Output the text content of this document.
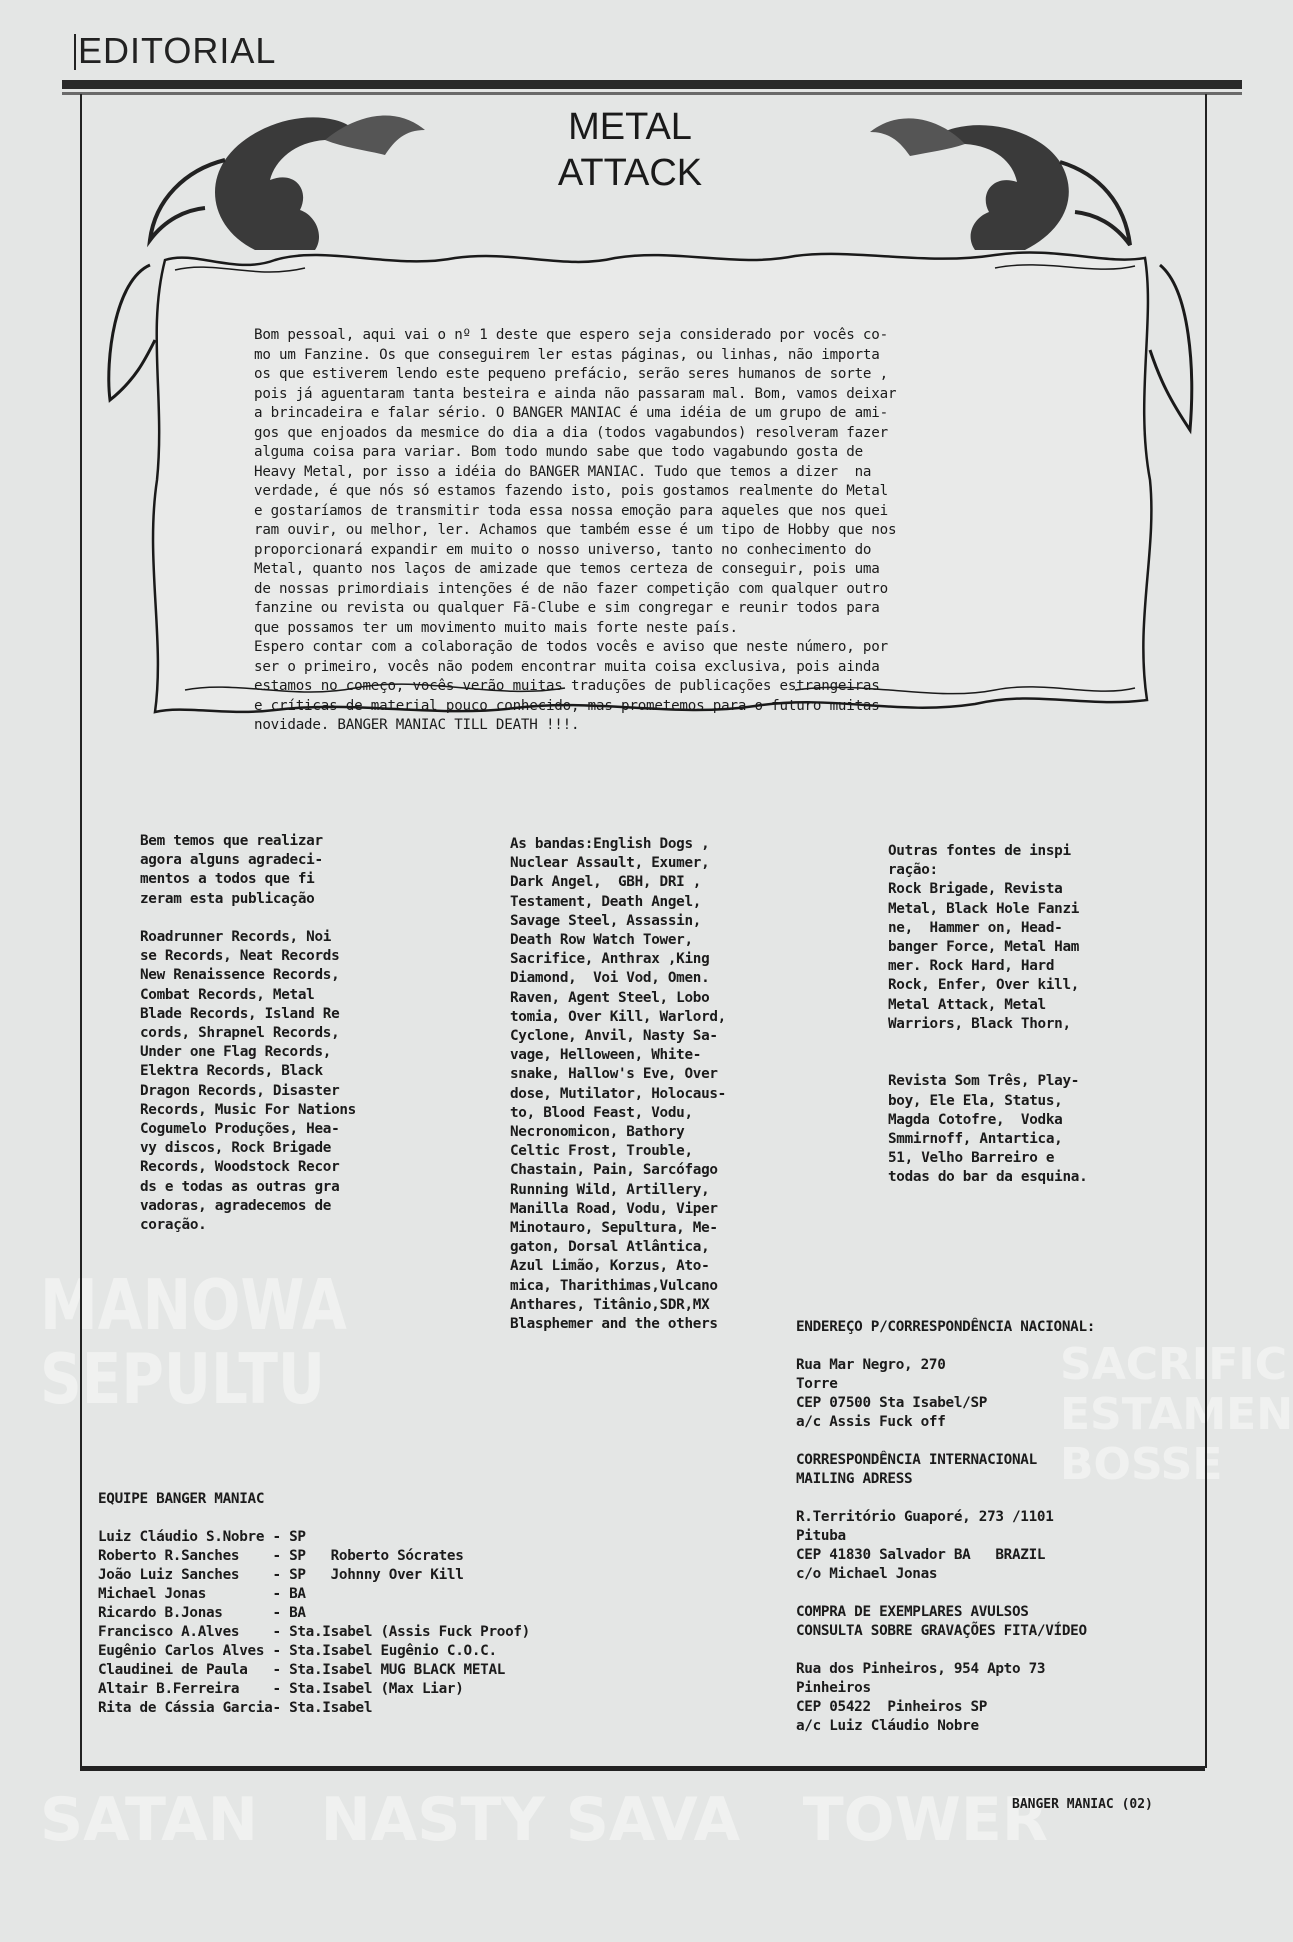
MANOWA
SEPULTU	SACRIFIC
ESTAMEN
BOSSE
SATAN   NASTY SAVA   TOWER
EDITORIAL
METAL
ATTACK
Bom pessoal, aqui vai o nº 1 deste que espero seja considerado por vocês co-
mo um Fanzine. Os que conseguirem ler estas páginas, ou linhas, não importa
os que estiverem lendo este pequeno prefácio, serão seres humanos de sorte ,
pois já aguentaram tanta besteira e ainda não passaram mal. Bom, vamos deixar
a brincadeira e falar sério. O BANGER MANIAC é uma idéia de um grupo de ami-
gos que enjoados da mesmice do dia a dia (todos vagabundos) resolveram fazer
alguma coisa para variar. Bom todo mundo sabe que todo vagabundo gosta de
Heavy Metal, por isso a idéia do BANGER MANIAC. Tudo que temos a dizer  na
verdade, é que nós só estamos fazendo isto, pois gostamos realmente do Metal
e gostaríamos de transmitir toda essa nossa emoção para aqueles que nos quei
ram ouvir, ou melhor, ler. Achamos que também esse é um tipo de Hobby que nos
proporcionará expandir em muito o nosso universo, tanto no conhecimento do
Metal, quanto nos laços de amizade que temos certeza de conseguir, pois uma
de nossas primordiais intenções é de não fazer competição com qualquer outro
fanzine ou revista ou qualquer Fã-Clube e sim congregar e reunir todos para
que possamos ter um movimento muito mais forte neste país.
Espero contar com a colaboração de todos vocês e aviso que neste número, por
ser o primeiro, vocês não podem encontrar muita coisa exclusiva, pois ainda
estamos no começo, vocês verão muitas traduções de publicações estrangeiras
e críticas de material pouco conhecido, mas prometemos para o futuro muitas
novidade. BANGER MANIAC TILL DEATH !!!.
Bem temos que realizar
agora alguns agradeci-
mentos a todos que fi
zeram esta publicação

Roadrunner Records, Noi
se Records, Neat Records
New Renaissence Records,
Combat Records, Metal
Blade Records, Island Re
cords, Shrapnel Records,
Under one Flag Records,
Elektra Records, Black
Dragon Records, Disaster
Records, Music For Nations
Cogumelo Produções, Hea-
vy discos, Rock Brigade
Records, Woodstock Recor
ds e todas as outras gra
vadoras, agradecemos de
coração.
As bandas:English Dogs ,
Nuclear Assault, Exumer,
Dark Angel,  GBH, DRI ,
Testament, Death Angel,
Savage Steel, Assassin,
Death Row Watch Tower,
Sacrifice, Anthrax ,King
Diamond,  Voi Vod, Omen.
Raven, Agent Steel, Lobo
tomia, Over Kill, Warlord,
Cyclone, Anvil, Nasty Sa-
vage, Helloween, White-
snake, Hallow's Eve, Over
dose, Mutilator, Holocaus-
to, Blood Feast, Vodu,
Necronomicon, Bathory
Celtic Frost, Trouble,
Chastain, Pain, Sarcófago
Running Wild, Artillery,
Manilla Road, Vodu, Viper
Minotauro, Sepultura, Me-
gaton, Dorsal Atlântica,
Azul Limão, Korzus, Ato-
mica, Tharithimas,Vulcano
Anthares, Titânio,SDR,MX
Blasphemer and the others
Outras fontes de inspi
ração:
Rock Brigade, Revista
Metal, Black Hole Fanzi
ne,  Hammer on, Head-
banger Force, Metal Ham
mer. Rock Hard, Hard
Rock, Enfer, Over kill,
Metal Attack, Metal
Warriors, Black Thorn,

Revista Som Três, Play-
boy, Ele Ela, Status,
Magda Cotofre,  Vodka
Smmirnoff, Antartica,
51, Velho Barreiro e
todas do bar da esquina.
EQUIPE BANGER MANIAC

Luiz Cláudio S.Nobre - SP
Roberto R.Sanches    - SP   Roberto Sócrates
João Luiz Sanches    - SP   Johnny Over Kill
Michael Jonas        - BA
Ricardo B.Jonas      - BA
Francisco A.Alves    - Sta.Isabel (Assis Fuck Proof)
Eugênio Carlos Alves - Sta.Isabel Eugênio C.O.C.
Claudinei de Paula   - Sta.Isabel MUG BLACK METAL
Altair B.Ferreira    - Sta.Isabel (Max Liar)
Rita de Cássia Garcia- Sta.Isabel
ENDEREÇO P/CORRESPONDÊNCIA NACIONAL:

Rua Mar Negro, 270
Torre
CEP 07500 Sta Isabel/SP
a/c Assis Fuck off

CORRESPONDÊNCIA INTERNACIONAL
MAILING ADRESS

R.Território Guaporé, 273 /1101
Pituba
CEP 41830 Salvador BA   BRAZIL
c/o Michael Jonas

COMPRA DE EXEMPLARES AVULSOS
CONSULTA SOBRE GRAVAÇÕES FITA/VÍDEO

Rua dos Pinheiros, 954 Apto 73
Pinheiros
CEP 05422  Pinheiros SP
a/c Luiz Cláudio Nobre
BANGER MANIAC (02)
